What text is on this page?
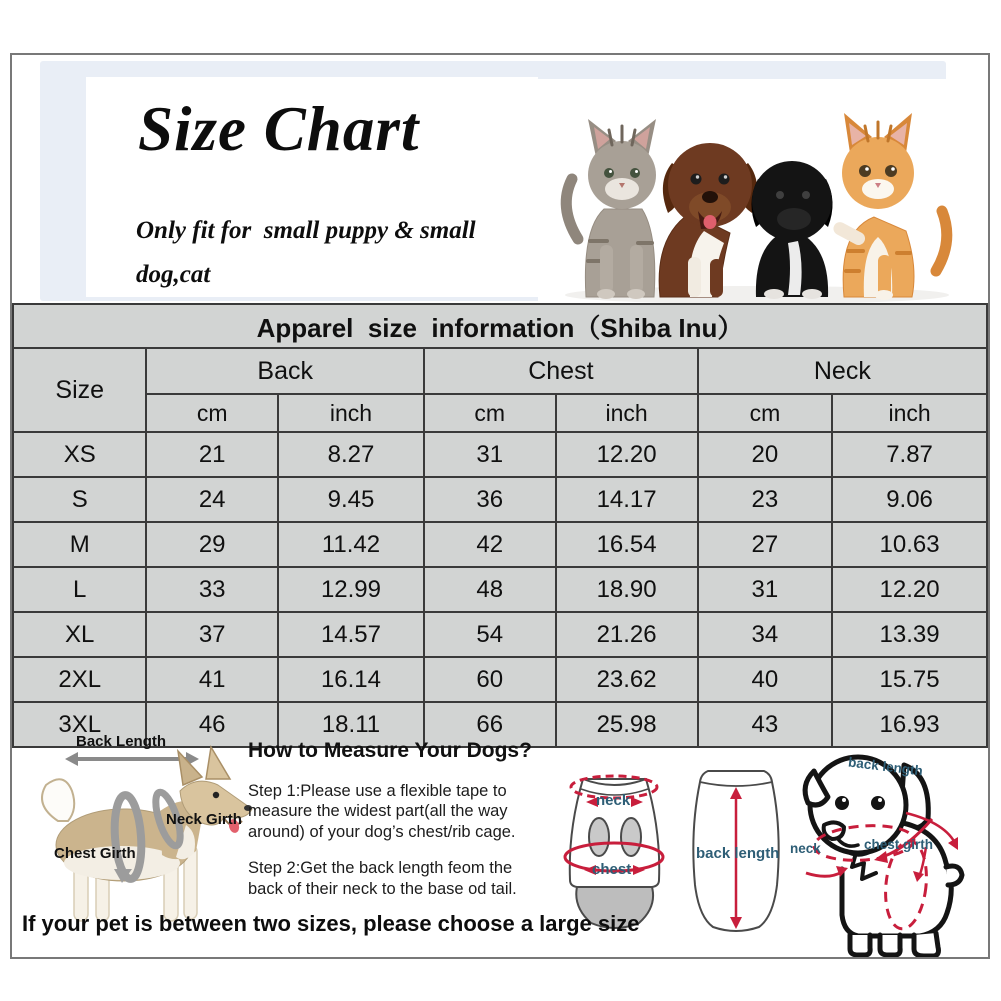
Size Chart
Only fit for  small puppy & small
dog,cat
Apparel  size  information（Shiba Inu）						
Size	Back		Chest		Neck	
	cm	inch	cm	inch	cm	inch
XS	21	8.27	31	12.20	20	7.87
S	24	9.45	36	14.17	23	9.06
M	29	11.42	42	16.54	27	10.63
L	33	12.99	48	18.90	31	12.20
XL	37	14.57	54	21.26	34	13.39
2XL	41	16.14	60	23.62	40	15.75
3XL	46	18.11	66	25.98	43	16.93
Back Length
Neck Girth
Chest Girth

How to Measure Your Dogs?

Step 1:Please use a flexible tape to measure the widest part(all the way around) of your dog’s chest/rib cage.

Step 2:Get the back length feom the back of their neck to the base od tail.

neck
chest
back length
back length
neck	chest girth
If your pet is between two sizes, please choose a large size
